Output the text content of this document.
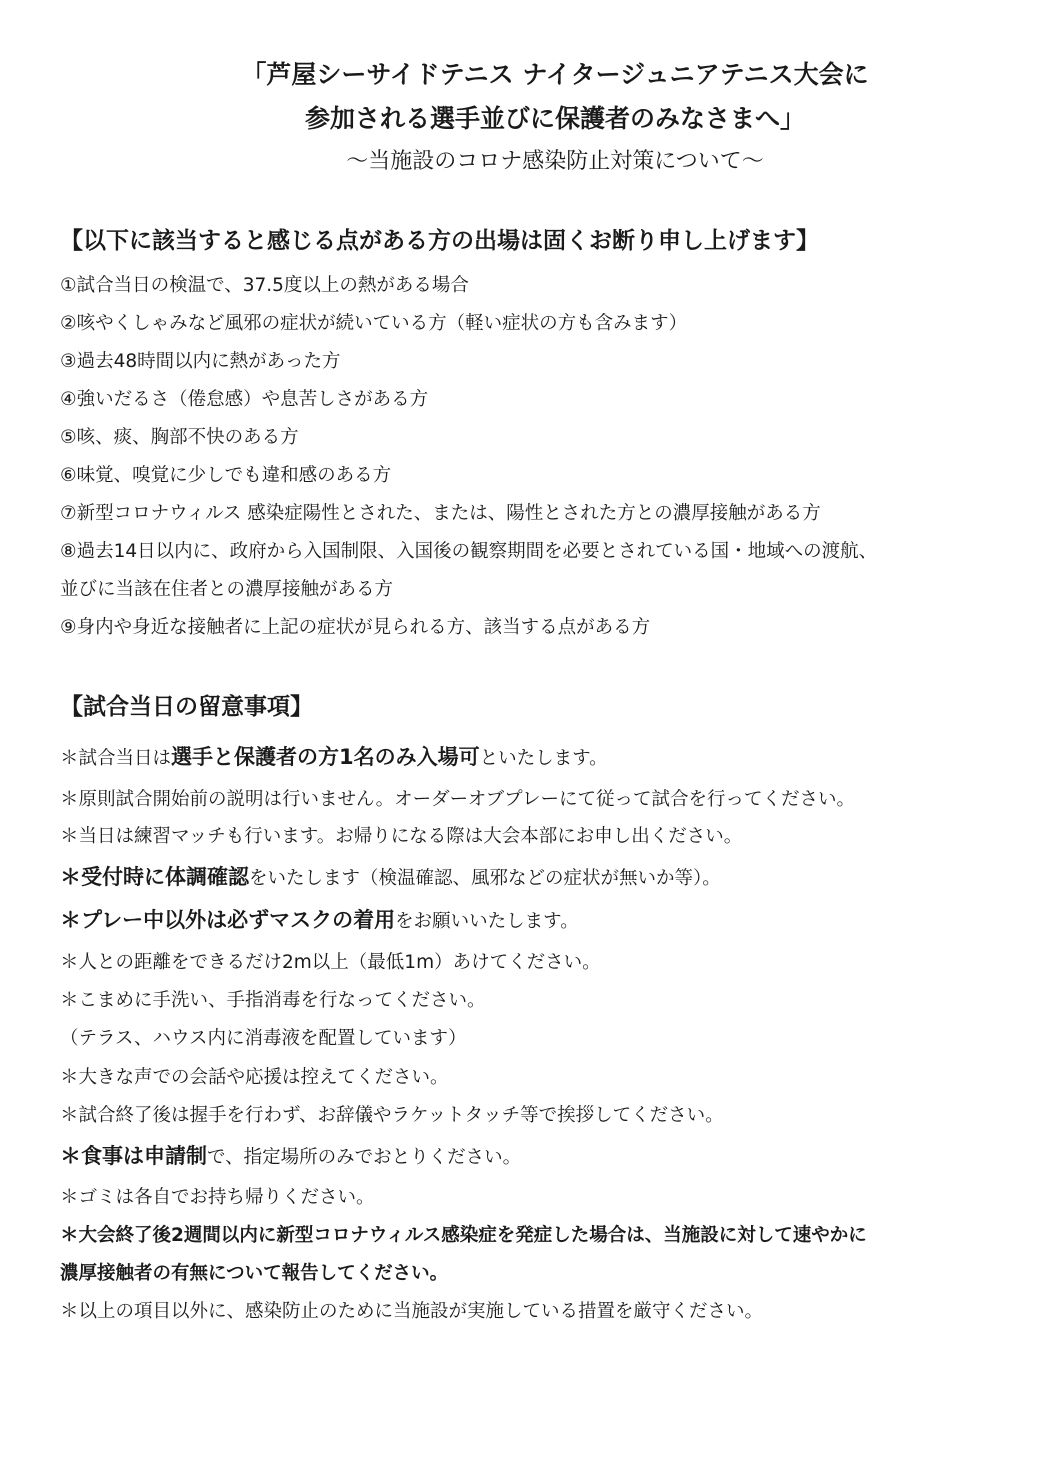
「芦屋シーサイドテニス ナイタージュニアテニス大会に
参加される選手並びに保護者のみなさまへ」
〜当施設のコロナ感染防止対策について〜
【以下に該当すると感じる点がある方の出場は固くお断り申し上げます】
①試合当日の検温で、37.5度以上の熱がある場合
②咳やくしゃみなど風邪の症状が続いている方（軽い症状の方も含みます）
③過去48時間以内に熱があった方
④強いだるさ（倦怠感）や息苦しさがある方
⑤咳、痰、胸部不快のある方
⑥味覚、嗅覚に少しでも違和感のある方
⑦新型コロナウィルス 感染症陽性とされた、または、陽性とされた方との濃厚接触がある方
⑧過去14日以内に、政府から入国制限、入国後の観察期間を必要とされている国・地域への渡航、
並びに当該在住者との濃厚接触がある方
⑨身内や身近な接触者に上記の症状が見られる方、該当する点がある方
【試合当日の留意事項】
＊試合当日は選手と保護者の方1名のみ入場可といたします。
＊原則試合開始前の説明は行いません。オーダーオブプレーにて従って試合を行ってください。
＊当日は練習マッチも行います。お帰りになる際は大会本部にお申し出ください。
＊受付時に体調確認をいたします（検温確認、風邪などの症状が無いか等）。
＊プレー中以外は必ずマスクの着用をお願いいたします。
＊人との距離をできるだけ2m以上（最低1m）あけてください。
＊こまめに手洗い、手指消毒を行なってください。
（テラス、ハウス内に消毒液を配置しています）
＊大きな声での会話や応援は控えてください。
＊試合終了後は握手を行わず、お辞儀やラケットタッチ等で挨拶してください。
＊食事は申請制で、指定場所のみでおとりください。
＊ゴミは各自でお持ち帰りください。
＊大会終了後2週間以内に新型コロナウィルス感染症を発症した場合は、当施設に対して速やかに
濃厚接触者の有無について報告してください。
＊以上の項目以外に、感染防止のために当施設が実施している措置を厳守ください。
